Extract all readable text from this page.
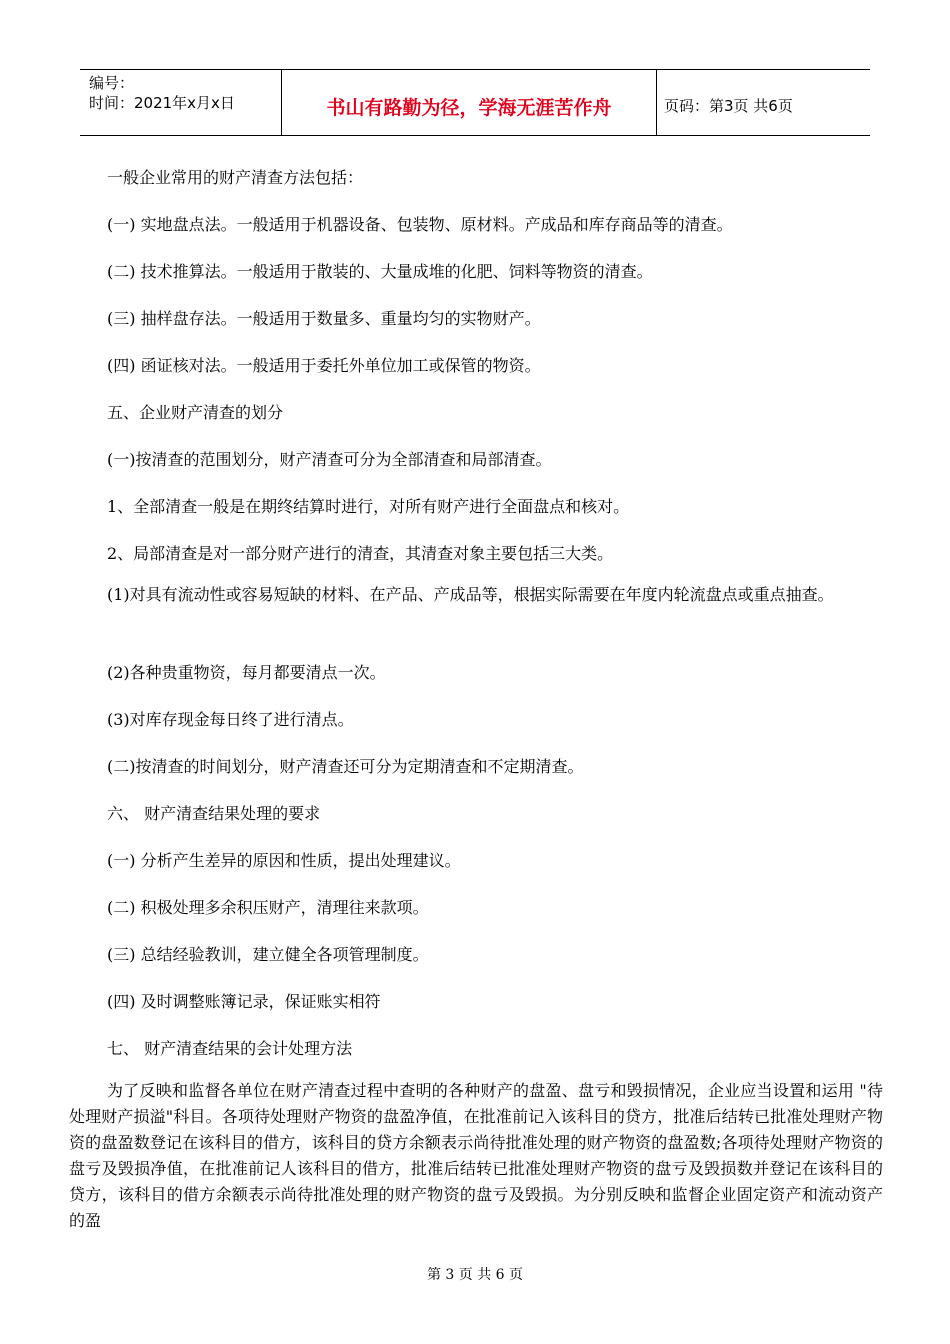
编号：
时间：2021年x月x日	书山有路勤为径，学海无涯苦作舟	页码：第3页 共6页
一般企业常用的财产清查方法包括：
(一) 实地盘点法。一般适用于机器设备、包装物、原材料。产成品和库存商品等的清查。
(二) 技术推算法。一般适用于散装的、大量成堆的化肥、饲料等物资的清查。
(三) 抽样盘存法。一般适用于数量多、重量均匀的实物财产。
(四) 函证核对法。一般适用于委托外单位加工或保管的物资。
五、企业财产清查的划分
(一)按清查的范围划分，财产清查可分为全部清查和局部清查。
1、全部清查一般是在期终结算时进行，对所有财产进行全面盘点和核对。
2、局部清查是对一部分财产进行的清查，其清查对象主要包括三大类。
(1)对具有流动性或容易短缺的材料、在产品、产成品等，根据实际需要在年度内轮流盘点或重点抽查。
(2)各种贵重物资，每月都要清点一次。
(3)对库存现金每日终了进行清点。
(二)按清查的时间划分，财产清查还可分为定期清查和不定期清查。
六、 财产清查结果处理的要求
(一) 分析产生差异的原因和性质，提出处理建议。
(二) 积极处理多余积压财产，清理往来款项。
(三) 总结经验教训，建立健全各项管理制度。
(四) 及时调整账簿记录，保证账实相符
七、 财产清查结果的会计处理方法
为了反映和监督各单位在财产清查过程中查明的各种财产的盘盈、盘亏和毁损情况，企业应当设置和运用 "待处理财产损溢"科目。各项待处理财产物资的盘盈净值，在批准前记入该科目的贷方，批准后结转已批准处理财产物资的盘盈数登记在该科目的借方，该科目的贷方余额表示尚待批准处理的财产物资的盘盈数;各项待处理财产物资的盘亏及毁损净值，在批准前记人该科目的借方，批准后结转已批准处理财产物资的盘亏及毁损数并登记在该科目的贷方，该科目的借方余额表示尚待批准处理的财产物资的盘亏及毁损。为分别反映和监督企业固定资产和流动资产的盈
第 3 页 共 6 页
